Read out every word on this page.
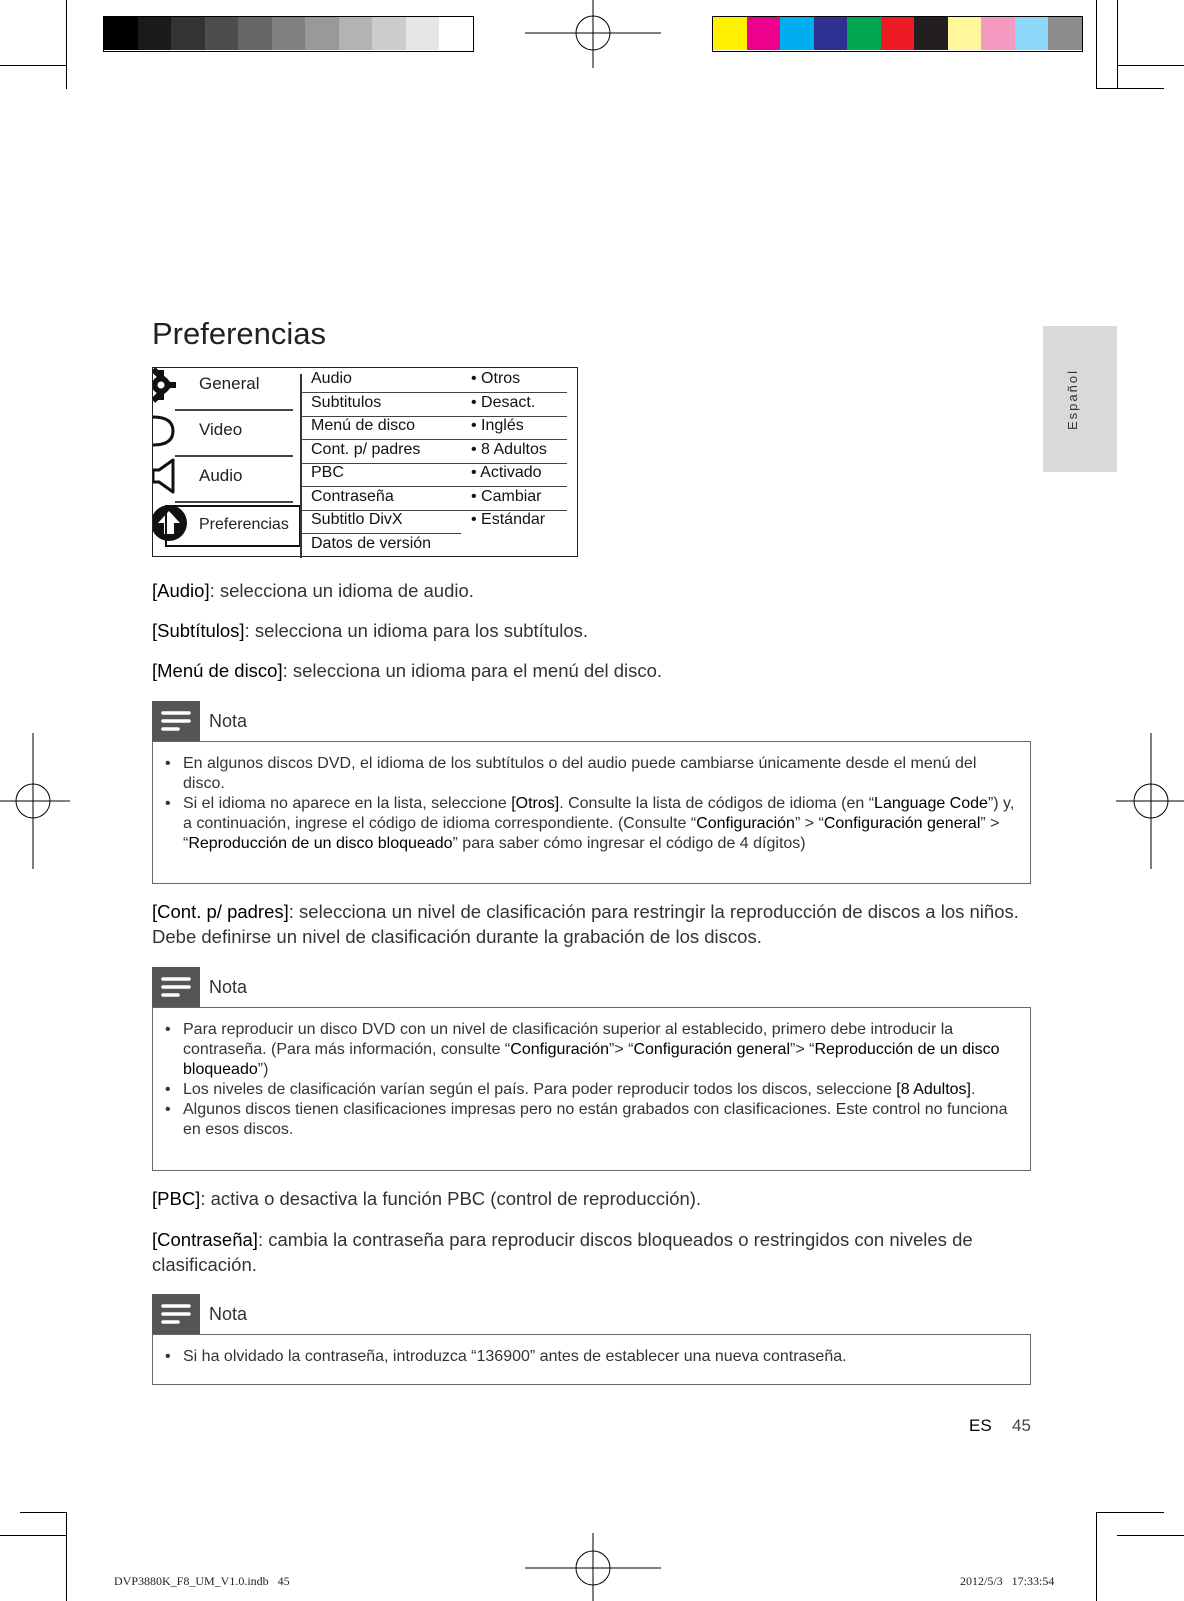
Español
Preferencias
General
Video
Audio
Preferencias
Audio	• Otros
Subtitulos	• Desact.
Menú de disco	• Inglés
Cont. p/ padres	• 8 Adultos
PBC	• Activado
Contraseña	• Cambiar
Subtitlo DivX	• Estándar
Datos de versión
[Audio]: selecciona un idioma de audio.
[Subtítulos]: selecciona un idioma para los subtítulos.
[Menú de disco]: selecciona un idioma para el menú del disco.
Nota
• En algunos discos DVD, el idioma de los subtítulos o del audio puede cambiarse únicamente desde el menú del disco.
• Si el idioma no aparece en la lista, seleccione [Otros]. Consulte la lista de códigos de idioma (en “Language Code”) y, a continuación, ingrese el código de idioma correspondiente. (Consulte “Configuración” > “Configuración general” > “Reproducción de un disco bloqueado” para saber cómo ingresar el código de 4 dígitos)
[Cont. p/ padres]: selecciona un nivel de clasificación para restringir la reproducción de discos a los niños. Debe definirse un nivel de clasificación durante la grabación de los discos.
Nota
• Para reproducir un disco DVD con un nivel de clasificación superior al establecido, primero debe introducir la contraseña. (Para más información, consulte “Configuración”> “Configuración general”> “Reproducción de un disco bloqueado”)
• Los niveles de clasificación varían según el país. Para poder reproducir todos los discos, seleccione [8 Adultos].
• Algunos discos tienen clasificaciones impresas pero no están grabados con clasificaciones. Este control no funciona en esos discos.
[PBC]: activa o desactiva la función PBC (control de reproducción).
[Contraseña]: cambia la contraseña para reproducir discos bloqueados o restringidos con niveles de clasificación.
Nota
• Si ha olvidado la contraseña, introduzca “136900” antes de establecer una nueva contraseña.
ES 45
DVP3880K_F8_UM_V1.0.indb   45	2012/5/3   17:33:54
